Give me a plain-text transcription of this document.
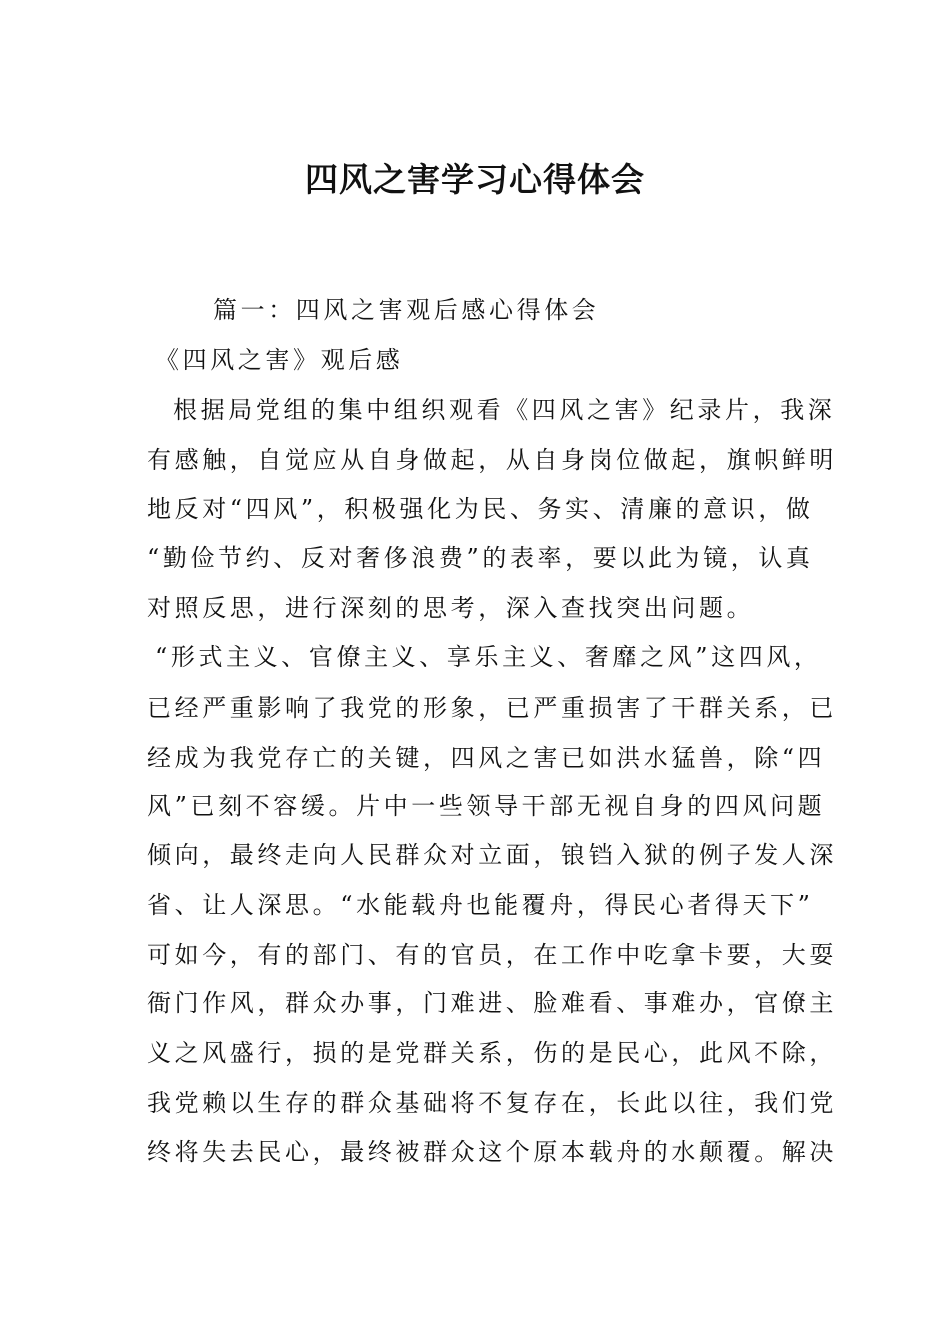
四风之害学习心得体会
篇一：四风之害观后感心得体会
《四风之害》观后感
根据局党组的集中组织观看《四风之害》纪录片，我深
有感触，自觉应从自身做起，从自身岗位做起，旗帜鲜明
地反对“四风”，积极强化为民、务实、清廉的意识，做
“勤俭节约、反对奢侈浪费”的表率，要以此为镜，认真
对照反思，进行深刻的思考，深入查找突出问题。
“形式主义、官僚主义、享乐主义、奢靡之风”这四风，
已经严重影响了我党的形象，已严重损害了干群关系，已
经成为我党存亡的关键，四风之害已如洪水猛兽，除“四
风”已刻不容缓。片中一些领导干部无视自身的四风问题
倾向，最终走向人民群众对立面，锒铛入狱的例子发人深
省、让人深思。“水能载舟也能覆舟，得民心者得天下”
可如今，有的部门、有的官员，在工作中吃拿卡要，大耍
衙门作风，群众办事，门难进、脸难看、事难办，官僚主
义之风盛行，损的是党群关系，伤的是民心，此风不除，
我党赖以生存的群众基础将不复存在，长此以往，我们党
终将失去民心，最终被群众这个原本载舟的水颠覆。解决
